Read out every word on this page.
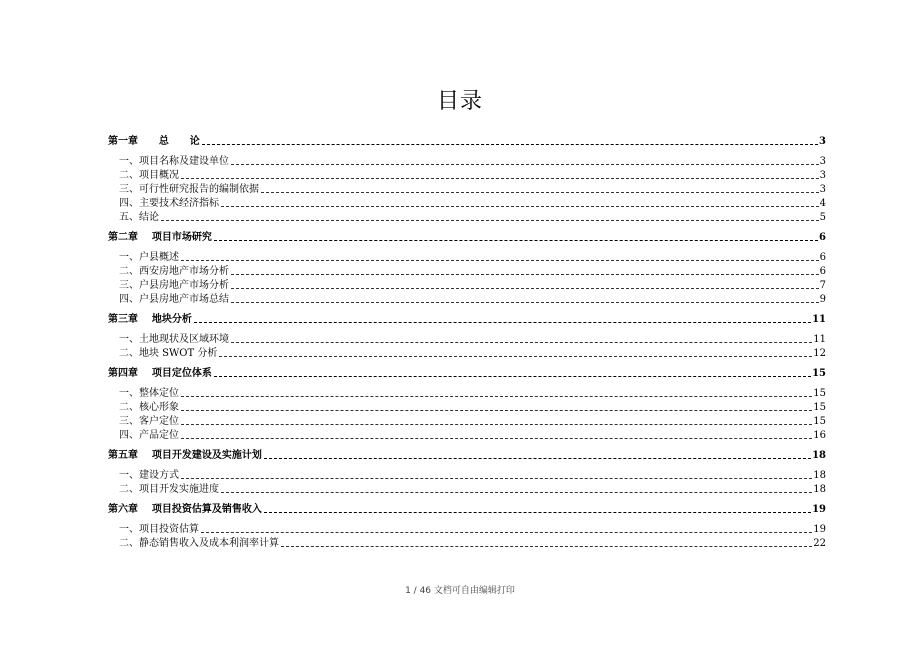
目录
第一章      总      论	3
一、项目名称及建设单位	3
二、项目概况	3
三、可行性研究报告的编制依据	3
四、主要技术经济指标	4
五、结论	5
第二章    项目市场研究	6
一、户县概述	6
二、西安房地产市场分析	6
三、户县房地产市场分析	7
四、户县房地产市场总结	9
第三章    地块分析	11
一、土地现状及区域环境	11
二、地块 SWOT 分析	12
第四章    项目定位体系	15
一、整体定位	15
二、核心形象	15
三、客户定位	15
四、产品定位	16
第五章    项目开发建设及实施计划	18
一、建设方式	18
二、项目开发实施进度	18
第六章    项目投资估算及销售收入	19
一、项目投资估算	19
二、静态销售收入及成本利润率计算	22
1 / 46 文档可自由编辑打印
